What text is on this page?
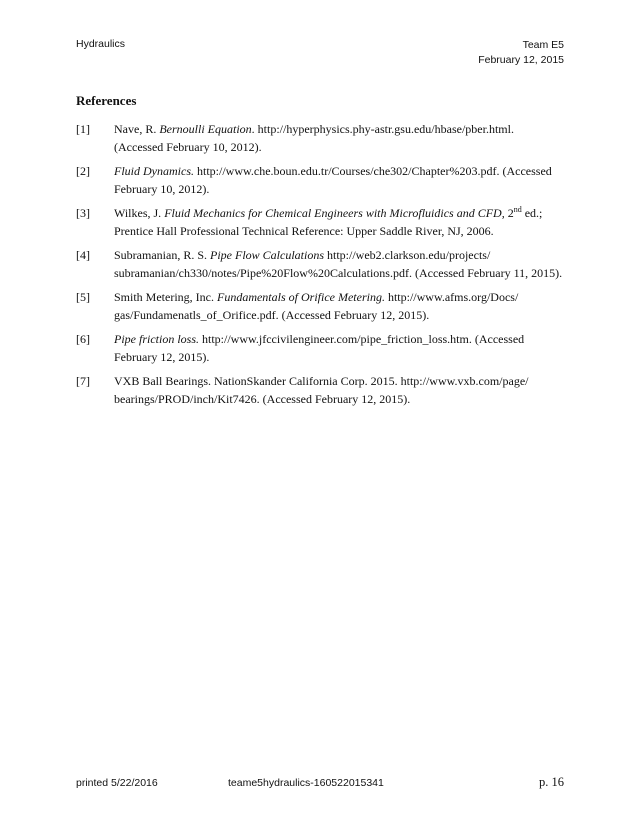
Hydraulics	Team E5
February 12, 2015
References
[1] Nave, R. Bernoulli Equation. http://hyperphysics.phy-astr.gsu.edu/hbase/pber.html. (Accessed February 10, 2012).
[2] Fluid Dynamics. http://www.che.boun.edu.tr/Courses/che302/Chapter%203.pdf. (Accessed February 10, 2012).
[3] Wilkes, J. Fluid Mechanics for Chemical Engineers with Microfluidics and CFD, 2nd ed.; Prentice Hall Professional Technical Reference: Upper Saddle River, NJ, 2006.
[4] Subramanian, R. S. Pipe Flow Calculations http://web2.clarkson.edu/projects/ subramanian/ch330/notes/Pipe%20Flow%20Calculations.pdf. (Accessed February 11, 2015).
[5] Smith Metering, Inc. Fundamentals of Orifice Metering. http://www.afms.org/Docs/ gas/Fundamenatls_of_Orifice.pdf. (Accessed February 12, 2015).
[6] Pipe friction loss. http://www.jfccivilengineer.com/pipe_friction_loss.htm. (Accessed February 12, 2015).
[7] VXB Ball Bearings. NationSkander California Corp. 2015. http://www.vxb.com/page/ bearings/PROD/inch/Kit7426. (Accessed February 12, 2015).
printed 5/22/2016	teame5hydraulics-160522015341	p. 16
